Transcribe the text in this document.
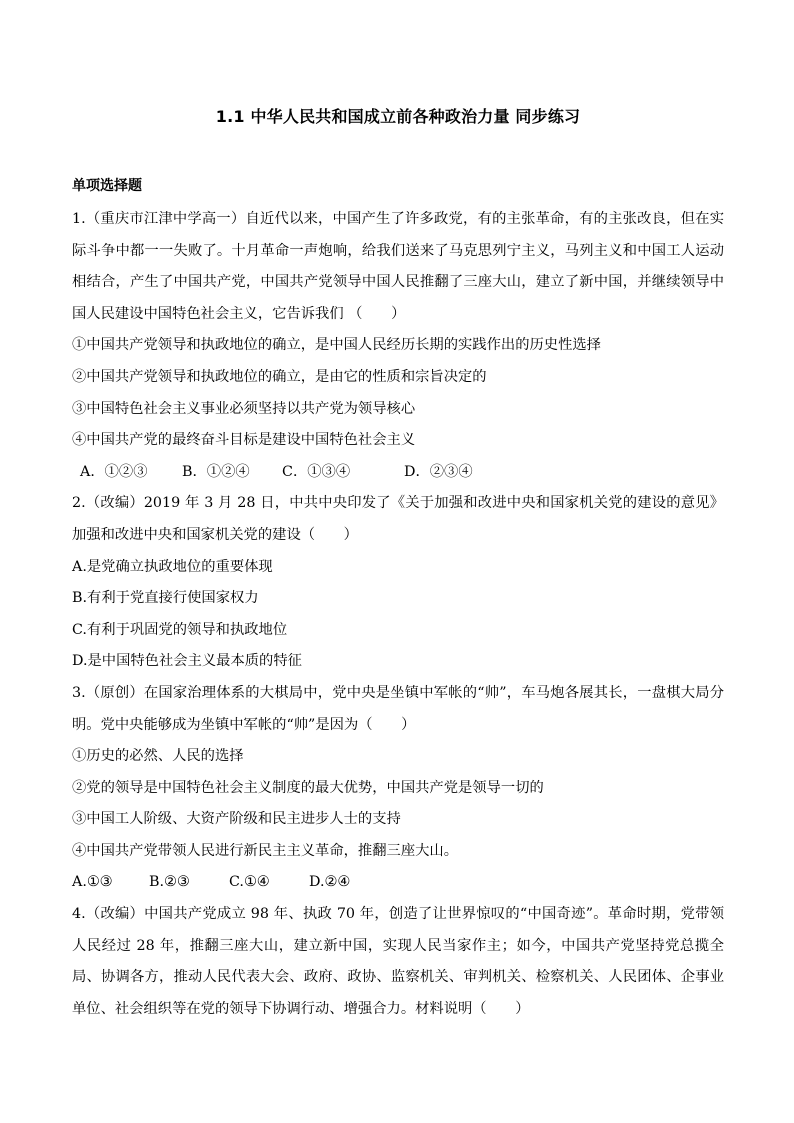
1.1 中华人民共和国成立前各种政治力量 同步练习
单项选择题
1.（重庆市江津中学高一）自近代以来，中国产生了许多政党，有的主张革命，有的主张改良，但在实际斗争中都一一失败了。十月革命一声炮响，给我们送来了马克思列宁主义，马列主义和中国工人运动相结合，产生了中国共产党，中国共产党领导中国人民推翻了三座大山，建立了新中国，并继续领导中国人民建设中国特色社会主义，它告诉我们 （　　）
①中国共产党领导和执政地位的确立，是中国人民经历长期的实践作出的历史性选择
②中国共产党领导和执政地位的确立，是由它的性质和宗旨决定的
③中国特色社会主义事业必须坚持以共产党为领导核心
④中国共产党的最终奋斗目标是建设中国特色社会主义
A．①②③ B．①②④ C．①③④	D．②③④
2.（改编）2019 年 3 月 28 日，中共中央印发了《关于加强和改进中央和国家机关党的建设的意见》 加强和改进中央和国家机关党的建设（　　）
A.是党确立执政地位的重要体现
B.有利于党直接行使国家权力
C.有利于巩固党的领导和执政地位
D.是中国特色社会主义最本质的特征
3.（原创）在国家治理体系的大棋局中，党中央是坐镇中军帐的“帅”，车马炮各展其长，一盘棋大局分明。党中央能够成为坐镇中军帐的“帅”是因为（　　）
①历史的必然、人民的选择
②党的领导是中国特色社会主义制度的最大优势，中国共产党是领导一切的
③中国工人阶级、大资产阶级和民主进步人士的支持
④中国共产党带领人民进行新民主主义革命，推翻三座大山。
A.①③	B.②③	C.①④	D.②④
4.（改编）中国共产党成立 98 年、执政 70 年，创造了让世界惊叹的“中国奇迹”。革命时期，党带领人民经过 28 年，推翻三座大山，建立新中国，实现人民当家作主；如今，中国共产党坚持党总揽全局、协调各方，推动人民代表大会、政府、政协、监察机关、审判机关、检察机关、人民团体、企事业单位、社会组织等在党的领导下协调行动、增强合力。材料说明（　　）
